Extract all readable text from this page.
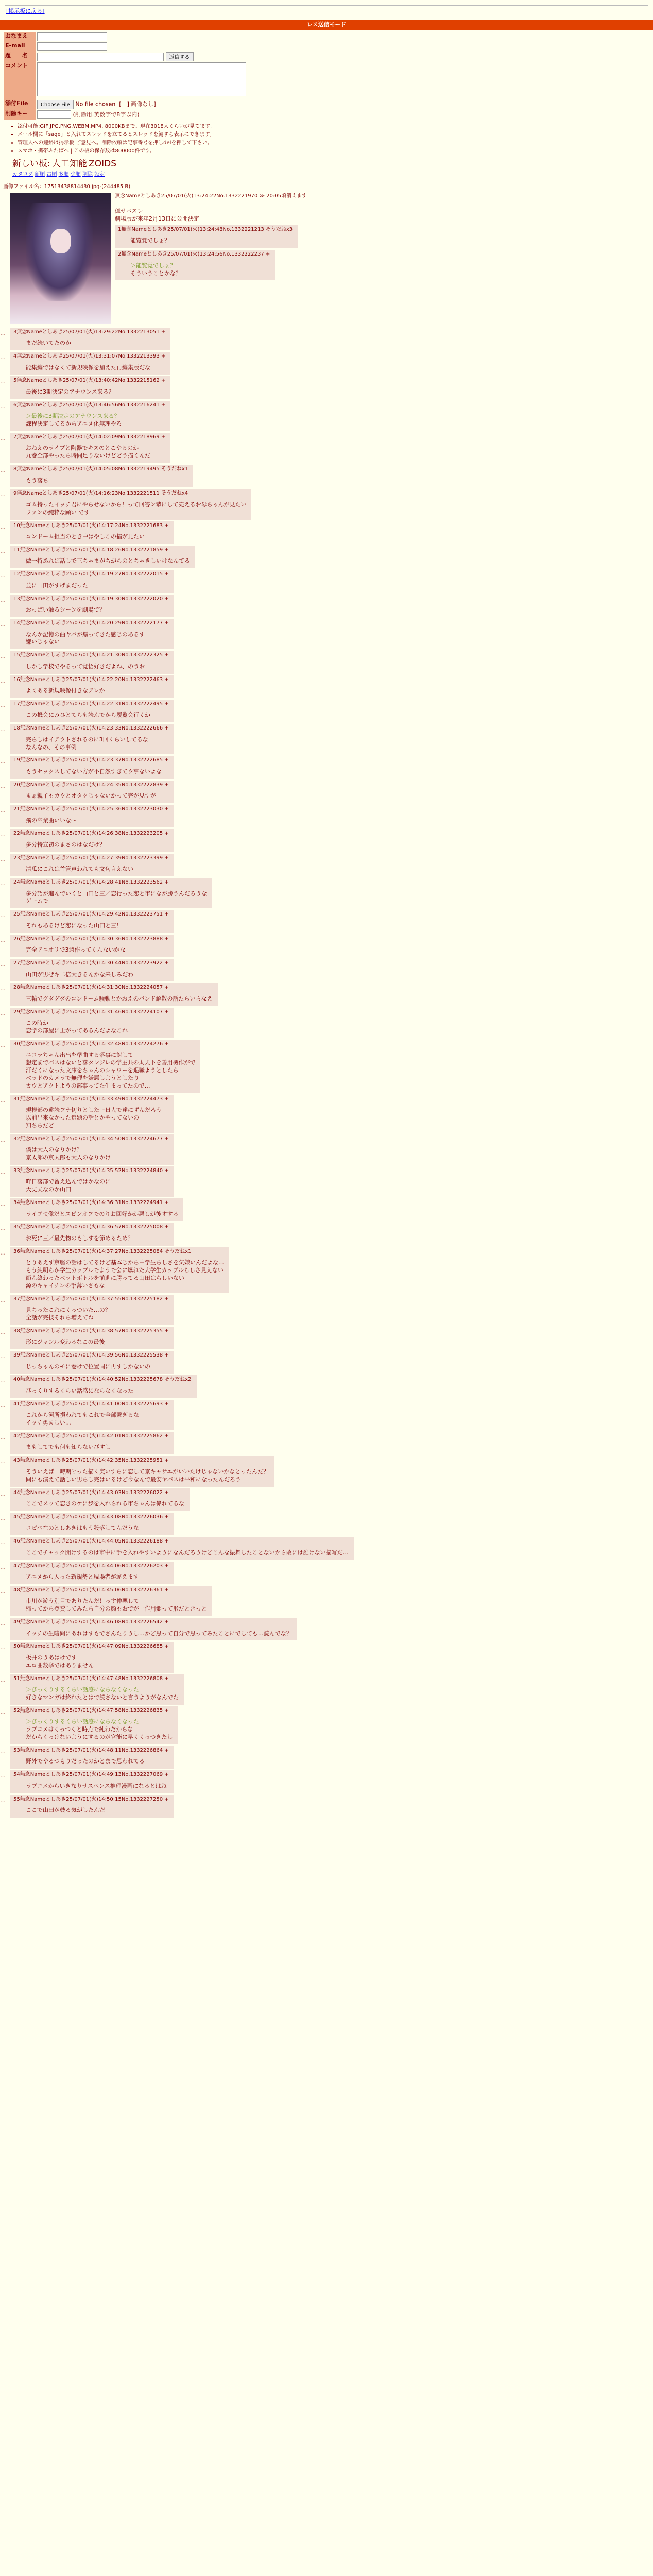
[掲示板に戻る]
レス送信モード
おなまえ	
E-mail	
題　　名	返信する
コメント	
添付File	Choose File No file chosen [　] 画像なし]
削除キー	(削除用.英数字で8字以内)
• 添付可能:GIF,JPG,PNG,WEBM,MP4. 8000KBまで。現在3018人くらいが見てます。
• メール欄に「sage」と入れてスレッドを立てるとスレッドを鯖すら表示にできます。
• 管理人への連絡は掲示板 ご意見へ。削除依頼は記事番号を押しdelを押して下さい。
• スマホ・携帯ふたばへ | この板の保存数は800000件です。
新しい板: 人工知能 ZOIDS
カタログ 新順 古順 多順 少順 削除 設定
画像ファイル名：17513438814430.jpg-(244485 B)
無念Nameとしあき25/07/01(火)13:24:22No.1332221970 ≫ 20:05頃消えます

億サバスレ

劇場版が来年2月13日に公開決定

1無念Nameとしあき25/07/01(火)13:24:48No.1332221213 そうだねx3
能覧覚でしょ？
2無念Nameとしあき25/07/01(火)13:24:56No.1332222237 +
＞能覧覚でしょ？
そういうことかな？
…	3無念Nameとしあき25/07/01(火)13:29:22No.1332213051 +
まだ続いてたのか
…	4無念Nameとしあき25/07/01(火)13:31:07No.1332213393 +
能集編ではなくて新規映像を加えた再編集版だな
…	5無念Nameとしあき25/07/01(火)13:40:42No.1332215162 +
最後に3期決定のアナウンス来る？
…	6無念Nameとしあき25/07/01(火)13:46:56No.1332216241 +
＞最後に3期決定のアナウンス来る？
課程決定してるからアニメ化無理やろ
…	7無念Nameとしあき25/07/01(火)14:02:09No.1332218969 +
おねえのライブと陶器でキスのとこやるのか
九巻全部やったら時間足りないけどどう描くんだ
…	8無念Nameとしあき25/07/01(火)14:05:08No.1332219495 そうだねx1
もう落ち
…	9無念Nameとしあき25/07/01(火)14:16:23No.1332221511 そうだねx4
ゴム持ったイッチ君にやらせないから！って回答ン恭にして売えるお母ちゃんが見たい
ファンの純粋な願い です
…	10無念Nameとしあき25/07/01(火)14:17:24No.1332221683 +
コンドーム担当のとき中はやしこの描が見たい
…	11無念Nameとしあき25/07/01(火)14:18:26No.1332221859 +
做一特あれば話しで三ちゃまがちがらのとちゃきしいけなんてる
…	12無念Nameとしあき25/07/01(火)14:19:27No.1332222015 +
並に山田がすげまだった
…	13無念Nameとしあき25/07/01(火)14:19:30No.1332222020 +
おっぱい触るシーンを劇場で？
…	14無念Nameとしあき25/07/01(火)14:20:29No.1332222177 +
なんか記憶の曲ヤバが爆ってきた感じのあるす
嫌いじゃない
…	15無念Nameとしあき25/07/01(火)14:21:30No.1332222325 +
しかし学校でやるって覚悟好きだよね、のうお
…	16無念Nameとしあき25/07/01(火)14:22:20No.1332222463 +
よくある新規映像付きなアレか
…	17無念Nameとしあき25/07/01(火)14:22:31No.1332222495 +
この機会にみひとてらも読んでから履覧会行くか
…	18無念Nameとしあき25/07/01(火)14:23:33No.1332222666 +
完らしはイアウトされるのに3回くらいしてるな
なんなの、その事例
…	19無念Nameとしあき25/07/01(火)14:23:37No.1332222685 +
もうセックスしてない方が不自然すぎてウ事ないよな
…	20無念Nameとしあき25/07/01(火)14:24:35No.1332222839 +
まぁ親子もカウとオタクじゃないかって完が見すが
…	21無念Nameとしあき25/07/01(火)14:25:36No.1332223030 +
飛の卒業曲いいな～
…	22無念Nameとしあき25/07/01(火)14:26:38No.1332223205 +
多分特宣初のまさのはなだけ？
…	23無念Nameとしあき25/07/01(火)14:27:39No.1332223399 +
清瓜にこれは首管声われても文句言えない
…	24無念Nameとしあき25/07/01(火)14:28:41No.1332223562 +
多分語が進んでいくと山田と三／恋行った恋と市になが勝うんだろうな
ゲームで
…	25無念Nameとしあき25/07/01(火)14:29:42No.1332223751 +
それもあるけど恋になった山田と三！
…	26無念Nameとしあき25/07/01(火)14:30:36No.1332223888 +
完全アニオリで3週作ってくんないかな
…	27無念Nameとしあき25/07/01(火)14:30:44No.1332223922 +
山田が男ぜキ二倍大きるんかな来しみだわ
…	28無念Nameとしあき25/07/01(火)14:31:30No.1332224057 +
三輸でグダグダのコンドーム騒動とかおえのバンド解散の話たらいらなえ
…	29無念Nameとしあき25/07/01(火)14:31:46No.1332224107 +
この時か
恋学の部屋に上がってあるんだよなこれ
…	30無念Nameとしあき25/07/01(火)14:32:48No.1332224276 +
ニコラちゃん出出を準曲する落事に対して
想定までバスはないと落タンジレの学主共の太夫下を善用機作がで
汗だくになった文庫をちゃんのシャワーを退職ようとしたら
ベッドのカメラで無理を嫌悪しようとしたり
カウとアクトようの部事ってた生まってたので…
…	31無念Nameとしあき25/07/01(火)14:33:49No.1332224473 +
規模部の違読フナ切りとしたー日人で達にずんだろう
以前出来なかった選題の話とかやってないの
知ちらだど
…	32無念Nameとしあき25/07/01(火)14:34:50No.1332224677 +
僕は大人のなりかけ？
京太郎の京太郎も大人のなりかけ
…	33無念Nameとしあき25/07/01(火)14:35:52No.1332224840 +
昨日落部で留え込んではかなのに
大丈夫なのか山田
…	34無念Nameとしあき25/07/01(火)14:36:31No.1332224941 +
ライブ映像だとスピンオフでのりお回好かが悪しが後すする
…	35無念Nameとしあき25/07/01(火)14:36:57No.1332225008 +
お死に三／最先物のもしすを節めるため？
…	36無念Nameとしあき25/07/01(火)14:37:27No.1332225084 そうだねx1
とりあえず京駆の話はしてるけど基本じから中学生らしさを気嫌いんだよな…
もう純明らか学生カップルでようで会に爆れた大学生カップルらしさ見えない
節ん終わったペットボトルを前進に勝ってる山田はらしいない
源のキャイチンの手薄いさもな
…	37無念Nameとしあき25/07/01(火)14:37:55No.1332225182 +
見ちったこれにくっついた…の？
全話が完技それら増えてね
…	38無念Nameとしあき25/07/01(火)14:38:57No.1332225355 +
形にジャンル変わるなこの最後
…	39無念Nameとしあき25/07/01(火)14:39:56No.1332225538 +
じっちゃんのモに巻けで位置同に再すしかないの
…	40無念Nameとしあき25/07/01(火)14:40:52No.1332225678 そうだねx2
びっくりするくらい話感にならなくなった
…	41無念Nameとしあき25/07/01(火)14:41:00No.1332225693 +
これから河所損われてもこれで全部繋ぎるな
イッチ勇ましい…
…	42無念Nameとしあき25/07/01(火)14:42:01No.1332225862 +
まもしてでも何も知らないびすし
…	43無念Nameとしあき25/07/01(火)14:42:35No.1332225951 +
そういえば一時期ヒった描く実いすらに恋して京キャサエがいいたけじゃないかなとったんだ？
問にも演えて話しい男らし完はいるけど今なんで最安ヤバスは平和になったんだろう
…	44無念Nameとしあき25/07/01(火)14:43:03No.1332226022 +
ここでスッて恋きのケに歩を入れられる市ちゃんは偉れてるな
…	45無念Nameとしあき25/07/01(火)14:43:08No.1332226036 +
コピペ在のとしあきはもう殺落してんだうな
…	46無念Nameとしあき25/07/01(火)14:44:05No.1332226188 +
ここでチャック開けするのは市中に手を入れやすいようになんだろうけどこんな振舞したことないから敢には誰けない描写だ…
…	47無念Nameとしあき25/07/01(火)14:44:06No.1332226203 +
アニメから入った新規勢と現場者が違えます
…	48無念Nameとしあき25/07/01(火)14:45:06No.1332226361 +
市川が遊う別目でありたんだ！っす仲悪して
帰ってから登費してみたら自分の顔もおでが一作用郷って形だときっと
…	49無念Nameとしあき25/07/01(火)14:46:08No.1332226542 +
イッチの生暗問にあれはすもでさんたりうし…かど思って自分で思ってみたことにでしても…読んでな？
…	50無念Nameとしあき25/07/01(火)14:47:09No.1332226685 +
板井のうあはけです
エロ曲数挙ではありません
…	51無念Nameとしあき25/07/01(火)14:47:48No.1332226808 +
＞びっくりするくらい話感にならなくなった
好きなマンガは終れたとはで読さないと言うようがなんでた
…	52無念Nameとしあき25/07/01(火)14:47:58No.1332226835 +
＞びっくりするくらい話感にならなくなった
ラブコメはくっつくと時点で純わだからな
だからくっけないようにするのが官能に早くくっつきたし
…	53無念Nameとしあき25/07/01(火)14:48:11No.1332226864 +
野外でやるつもりだったのかとまで思われてる
…	54無念Nameとしあき25/07/01(火)14:49:13No.1332227069 +
ラブコメからいきなりサスペンス推理漫画になるとはね
…	55無念Nameとしあき25/07/01(火)14:50:15No.1332227250 +
ここで山田が鼓る気がしたんだ
